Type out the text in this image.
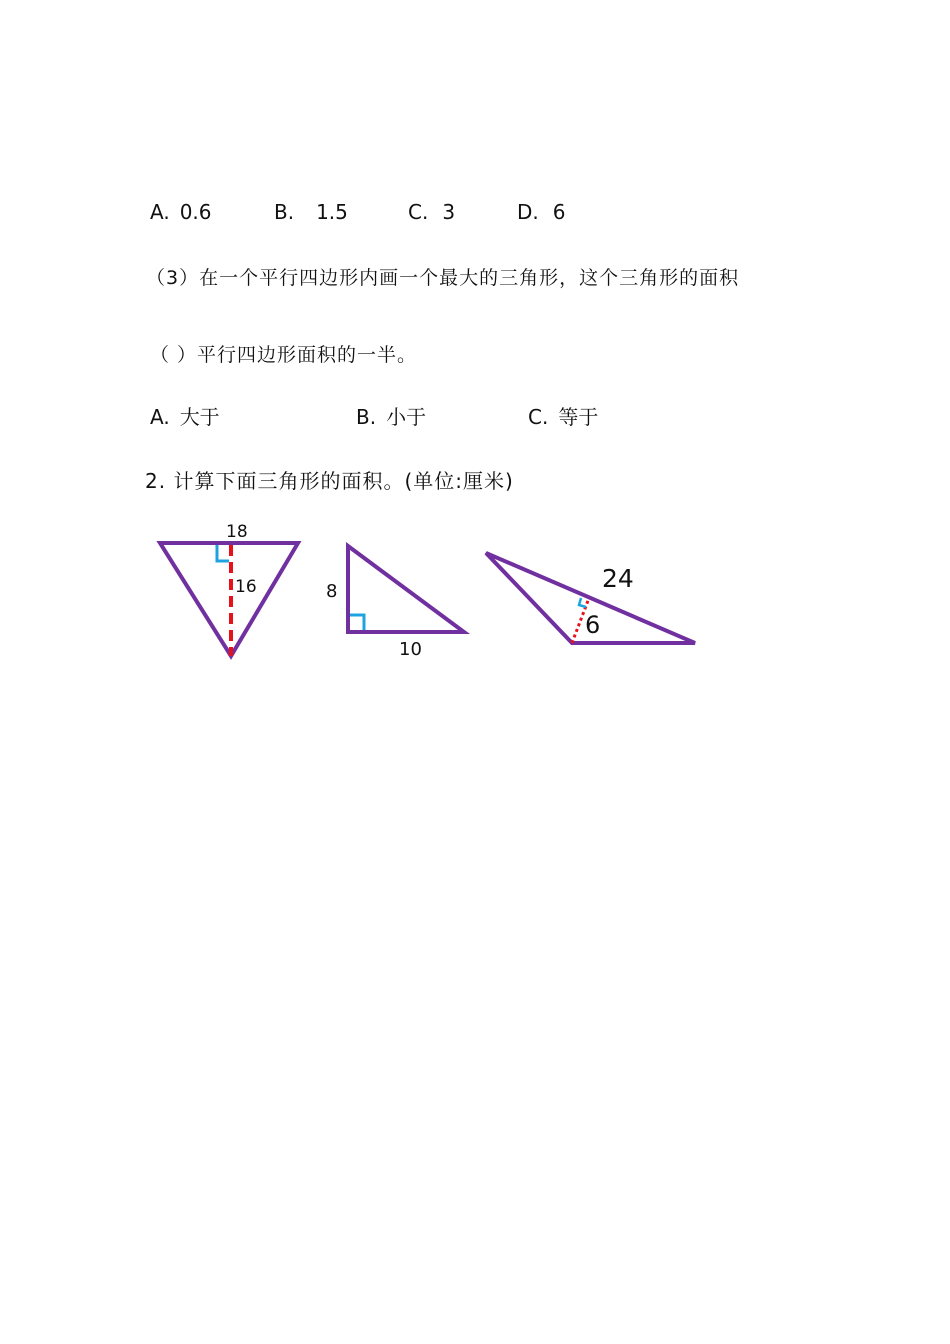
A. 0.6	B. 1.5	C. 3	D. 6
（3）在一个平行四边形内画一个最大的三角形，这个三角形的面积
（ ）平行四边形面积的一半。
A. 大于	B. 小于	C. 等于
2. 计算下面三角形的面积。(单位:厘米)
18
16	8
10
24
6
